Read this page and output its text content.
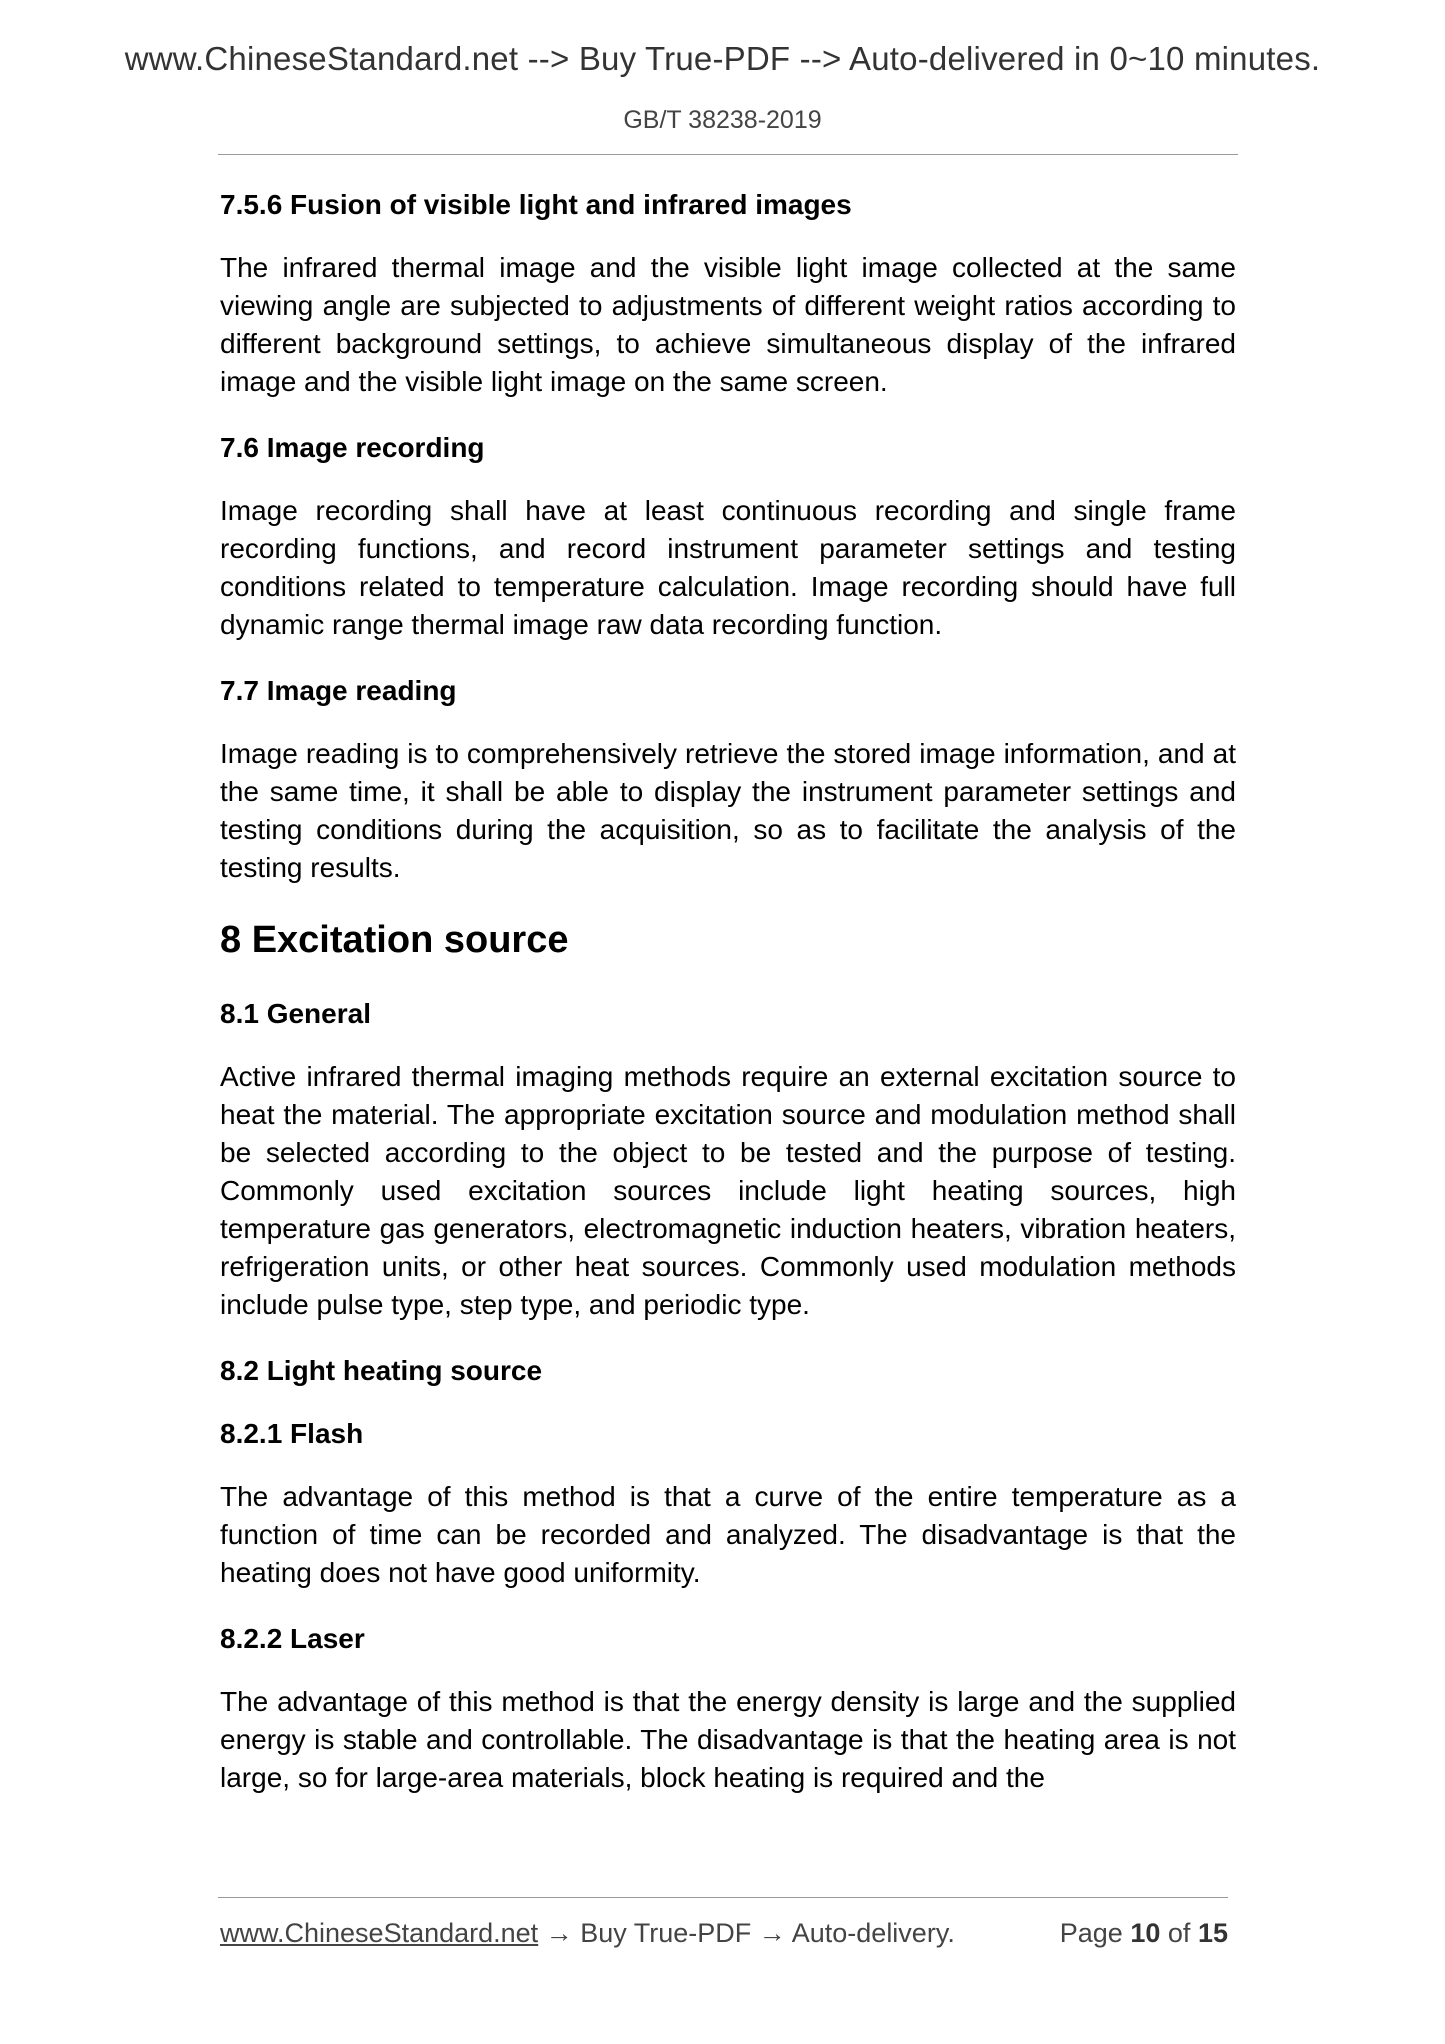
www.ChineseStandard.net --> Buy True-PDF --> Auto-delivered in 0~10 minutes.
GB/T 38238-2019
7.5.6 Fusion of visible light and infrared images
The infrared thermal image and the visible light image collected at the same viewing angle are subjected to adjustments of different weight ratios according to different background settings, to achieve simultaneous display of the infrared image and the visible light image on the same screen.
7.6 Image recording
Image recording shall have at least continuous recording and single frame recording functions, and record instrument parameter settings and testing conditions related to temperature calculation. Image recording should have full dynamic range thermal image raw data recording function.
7.7 Image reading
Image reading is to comprehensively retrieve the stored image information, and at the same time, it shall be able to display the instrument parameter settings and testing conditions during the acquisition, so as to facilitate the analysis of the testing results.
8 Excitation source
8.1 General
Active infrared thermal imaging methods require an external excitation source to heat the material. The appropriate excitation source and modulation method shall be selected according to the object to be tested and the purpose of testing. Commonly used excitation sources include light heating sources, high temperature gas generators, electromagnetic induction heaters, vibration heaters, refrigeration units, or other heat sources. Commonly used modulation methods include pulse type, step type, and periodic type.
8.2 Light heating source
8.2.1 Flash
The advantage of this method is that a curve of the entire temperature as a function of time can be recorded and analyzed. The disadvantage is that the heating does not have good uniformity.
8.2.2 Laser
The advantage of this method is that the energy density is large and the supplied energy is stable and controllable. The disadvantage is that the heating area is not large, so for large-area materials, block heating is required and the
www.ChineseStandard.net → Buy True-PDF → Auto-delivery.	Page 10 of 15
